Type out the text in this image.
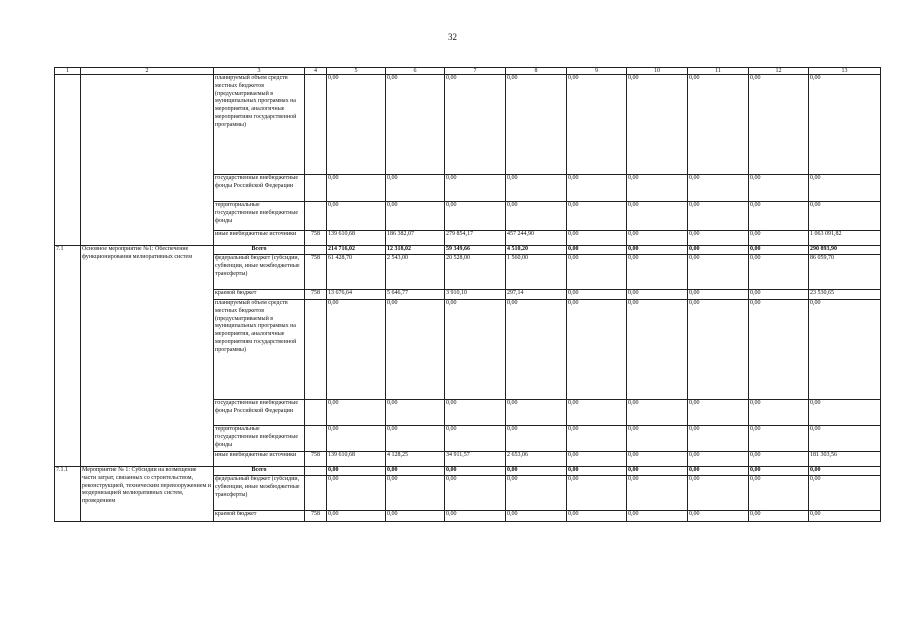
32
1	2	3	4	5	6	7	8	9	10	11	12	13
		планируемый объем средств местных бюджетов (предусматриваемый в муниципальных программах на мероприятия, аналогичные мероприятиям государственной программы)		0,00	0,00	0,00	0,00	0,00	0,00	0,00	0,00	0,00
		государственные внебюджетные фонды Российской Федерации		0,00	0,00	0,00	0,00	0,00	0,00	0,00	0,00	0,00
		территориальные государственные внебюджетные фонды		0,00	0,00	0,00	0,00	0,00	0,00	0,00	0,00	0,00
		иные внебюджетные источники	758	139 610,68	186 382,07	279 854,17	457 244,90	0,00	0,00	0,00	0,00	1 063 091,82
7.1	Основное мероприятие №1: Обеспечение функционирования мелиоративных систем	Всего		214 716,02	12 318,02	59 349,66	4 510,20	0,00	0,00	0,00	0,00	290 893,90
		федеральный бюджет (субсидии, субвенции, иные межбюджетные трансферты)	758	61 428,70	2 543,00	20 528,00	1 560,00	0,00	0,00	0,00	0,00	86 059,70
		краевой бюджет	758	13 676,64	5 646,77	3 910,10	297,14	0,00	0,00	0,00	0,00	23 530,65
		планируемый объем средств местных бюджетов (предусматриваемый в муниципальных программах на мероприятия, аналогичные мероприятиям государственной программы)		0,00	0,00	0,00	0,00	0,00	0,00	0,00	0,00	0,00
		государственные внебюджетные фонды Российской Федерации		0,00	0,00	0,00	0,00	0,00	0,00	0,00	0,00	0,00
		территориальные государственные внебюджетные фонды		0,00	0,00	0,00	0,00	0,00	0,00	0,00	0,00	0,00
		иные внебюджетные источники	758	139 610,68	4 128,25	34 911,57	2 653,06	0,00	0,00	0,00	0,00	181 303,56
7.1.1	Мероприятие № 1: Субсидии на возмещение части затрат, связанных со строительством, реконструкцией, техническим перевооружением и модернизацией мелиоративных систем, проведением	Всего		0,00	0,00	0,00	0,00	0,00	0,00	0,00	0,00	0,00
		федеральный бюджет (субсидии, субвенции, иные межбюджетные трансферты)		0,00	0,00	0,00	0,00	0,00	0,00	0,00	0,00	0,00
		краевой бюджет	758	0,00	0,00	0,00	0,00	0,00	0,00	0,00	0,00	0,00
